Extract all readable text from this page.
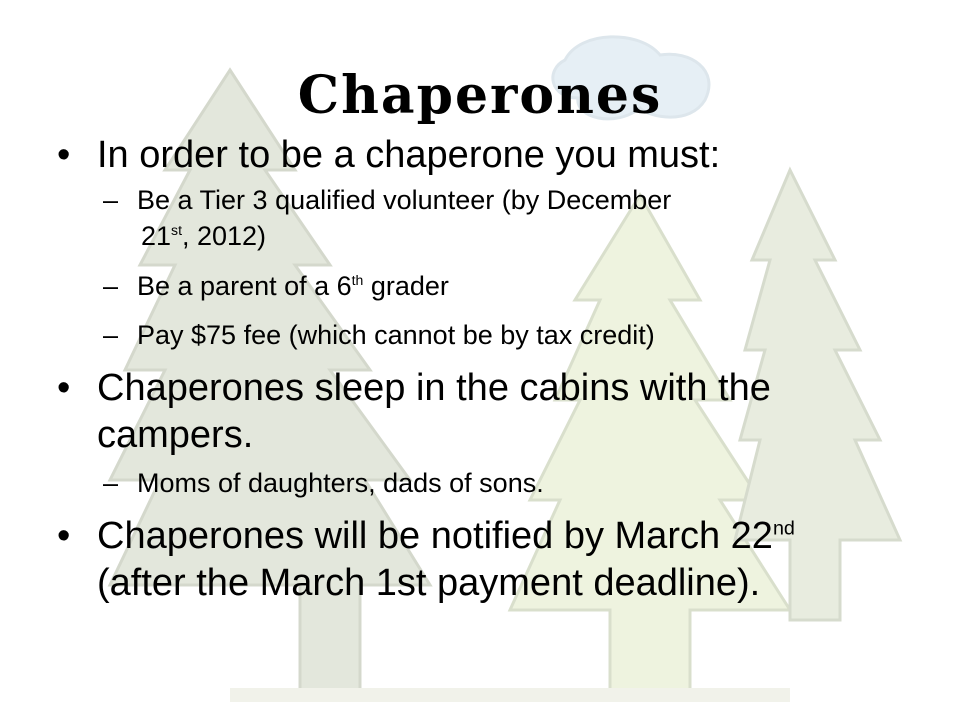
Chaperones
• In order to be a chaperone you must:
– Be a Tier 3 qualified volunteer (by December
21st, 2012)
– Be a parent of a 6th grader
– Pay $75 fee (which cannot be by tax credit)
• Chaperones sleep in the cabins with the
campers.
– Moms of daughters, dads of sons.
• Chaperones will be notified by March 22nd
(after the March 1st payment deadline).
